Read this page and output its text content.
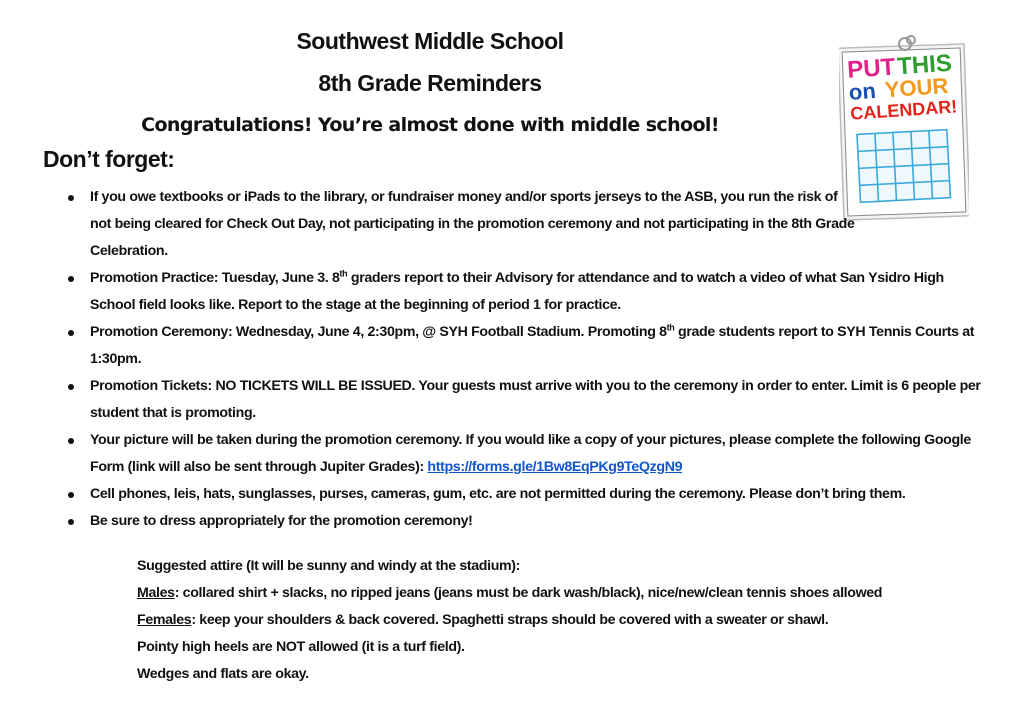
Southwest Middle School
8th Grade Reminders
Congratulations! You’re almost done with middle school!
Don’t forget:
PUT THIS
on YOUR
CALENDAR!
If you owe textbooks or iPads to the library, or fundraiser money and/or sports jerseys to the ASB, you run the risk of not being cleared for Check Out Day, not participating in the promotion ceremony and not participating in the 8th Grade Celebration.
Promotion Practice: Tuesday, June 3. 8th graders report to their Advisory for attendance and to watch a video of what San Ysidro High School field looks like. Report to the stage at the beginning of period 1 for practice.
Promotion Ceremony: Wednesday, June 4, 2:30pm, @ SYH Football Stadium. Promoting 8th grade students report to SYH Tennis Courts at 1:30pm.
Promotion Tickets: NO TICKETS WILL BE ISSUED. Your guests must arrive with you to the ceremony in order to enter. Limit is 6 people per student that is promoting.
Your picture will be taken during the promotion ceremony. If you would like a copy of your pictures, please complete the following Google Form (link will also be sent through Jupiter Grades): https://forms.gle/1Bw8EqPKg9TeQzgN9
Cell phones, leis, hats, sunglasses, purses, cameras, gum, etc. are not permitted during the ceremony. Please don’t bring them.
Be sure to dress appropriately for the promotion ceremony!
Suggested attire (It will be sunny and windy at the stadium):
Males: collared shirt + slacks, no ripped jeans (jeans must be dark wash/black), nice/new/clean tennis shoes allowed
Females: keep your shoulders & back covered. Spaghetti straps should be covered with a sweater or shawl.
Pointy high heels are NOT allowed (it is a turf field).
Wedges and flats are okay.
